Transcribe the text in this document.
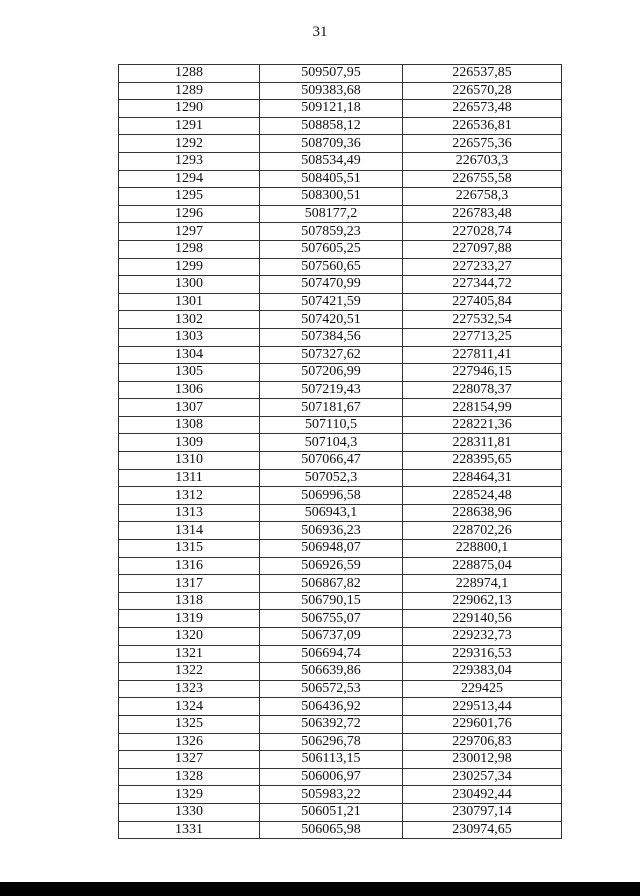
31
1288	509507,95	226537,85
1289	509383,68	226570,28
1290	509121,18	226573,48
1291	508858,12	226536,81
1292	508709,36	226575,36
1293	508534,49	226703,3
1294	508405,51	226755,58
1295	508300,51	226758,3
1296	508177,2	226783,48
1297	507859,23	227028,74
1298	507605,25	227097,88
1299	507560,65	227233,27
1300	507470,99	227344,72
1301	507421,59	227405,84
1302	507420,51	227532,54
1303	507384,56	227713,25
1304	507327,62	227811,41
1305	507206,99	227946,15
1306	507219,43	228078,37
1307	507181,67	228154,99
1308	507110,5	228221,36
1309	507104,3	228311,81
1310	507066,47	228395,65
1311	507052,3	228464,31
1312	506996,58	228524,48
1313	506943,1	228638,96
1314	506936,23	228702,26
1315	506948,07	228800,1
1316	506926,59	228875,04
1317	506867,82	228974,1
1318	506790,15	229062,13
1319	506755,07	229140,56
1320	506737,09	229232,73
1321	506694,74	229316,53
1322	506639,86	229383,04
1323	506572,53	229425
1324	506436,92	229513,44
1325	506392,72	229601,76
1326	506296,78	229706,83
1327	506113,15	230012,98
1328	506006,97	230257,34
1329	505983,22	230492,44
1330	506051,21	230797,14
1331	506065,98	230974,65
